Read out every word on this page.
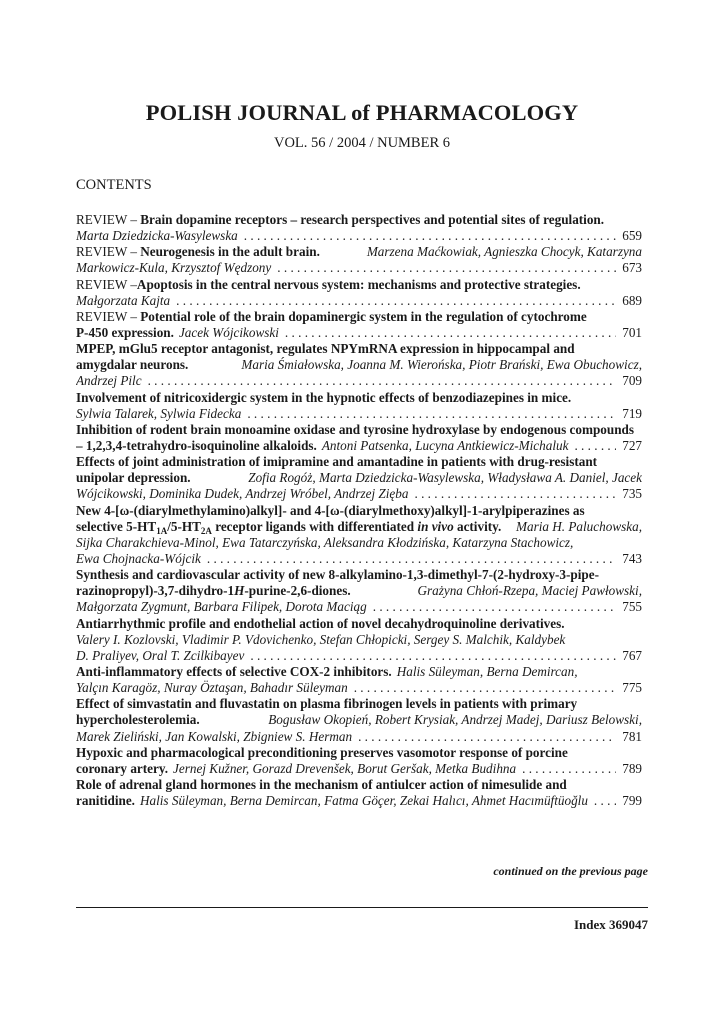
POLISH JOURNAL of PHARMACOLOGY
VOL. 56 / 2004 / NUMBER 6
CONTENTS
REVIEW – Brain dopamine receptors – research perspectives and potential sites of regulation.
Marta Dziedzicka-Wasylewska . . .	659
REVIEW – Neurogenesis in the adult brain.	Marzena Maćkowiak, Agnieszka Chocyk, Katarzyna
Markowicz-Kula, Krzysztof Wędzony . . .	673
REVIEW – Apoptosis in the central nervous system: mechanisms and protective strategies.
Małgorzata Kajta . . .	689
REVIEW – Potential role of the brain dopaminergic system in the regulation of cytochrome
P-450 expression. Jacek Wójcikowski . . .	701
MPEP, mGlu5 receptor antagonist, regulates NPYmRNA expression in hippocampal and
amygdalar neurons.	Maria Śmiałowska, Joanna M. Wierońska, Piotr Brański, Ewa Obuchowicz,
Andrzej Pilc . . .	709
Involvement of nitricoxidergic system in the hypnotic effects of benzodiazepines in mice.
Sylwia Talarek, Sylwia Fidecka . . .	719
Inhibition of rodent brain monoamine oxidase and tyrosine hydroxylase by endogenous compounds
– 1,2,3,4-tetrahydro-isoquinoline alkaloids. Antoni Patsenka, Lucyna Antkiewicz-Michaluk . . .	727
Effects of joint administration of imipramine and amantadine in patients with drug-resistant
unipolar depression.	Zofia Rogóż, Marta Dziedzicka-Wasylewska, Władysława A. Daniel, Jacek
Wójcikowski, Dominika Dudek, Andrzej Wróbel, Andrzej Zięba . . .	735
New 4-[ω-(diarylmethylamino)alkyl]- and 4-[ω-(diarylmethoxy)alkyl]-1-arylpiperazines as
selective $5-HT_{1A}/5-HT_{2A}$ receptor ligands with differentiated in vivo activity. Maria H. Paluchowska,
Sijka Charakchieva-Minol, Ewa Tatarczyńska, Aleksandra Kłodzińska, Katarzyna Stachowicz,
Ewa Chojnacka-Wójcik . . .	743
Synthesis and cardiovascular activity of new 8-alkylamino-1,3-dimethyl-7-(2-hydroxy-3-pipe-
razinopropyl)-3,7-dihydro-1H-purine-2,6-diones.	Grażyna Chłoń-Rzepa, Maciej Pawłowski,
Małgorzata Zygmunt, Barbara Filipek, Dorota Maciąg . . .	755
Antiarrhythmic profile and endothelial action of novel decahydroquinoline derivatives.
Valery I. Kozlovski, Vladimir P. Vdovichenko, Stefan Chłopicki, Sergey S. Malchik, Kaldybek
D. Praliyev, Oral T. Zcilkibayev . . .	767
Anti-inflammatory effects of selective COX-2 inhibitors. Halis Süleyman, Berna Demircan,
Yalçın Karagöz, Nuray Öztaşan, Bahadır Süleyman . . .	775
Effect of simvastatin and fluvastatin on plasma fibrinogen levels in patients with primary
hypercholesterolemia.	Bogusław Okopień, Robert Krysiak, Andrzej Madej, Dariusz Belowski,
Marek Zieliński, Jan Kowalski, Zbigniew S. Herman . . .	781
Hypoxic and pharmacological preconditioning preserves vasomotor response of porcine
coronary artery. Jernej Kužner, Gorazd Drevenšek, Borut Geršak, Metka Budihna . . .	789
Role of adrenal gland hormones in the mechanism of antiulcer action of nimesulide and
ranitidine. Halis Süleyman, Berna Demircan, Fatma Göçer, Zekai Halıcı, Ahmet Hacımüftüoğlu . . .	799
continued on the previous page
Index 369047
